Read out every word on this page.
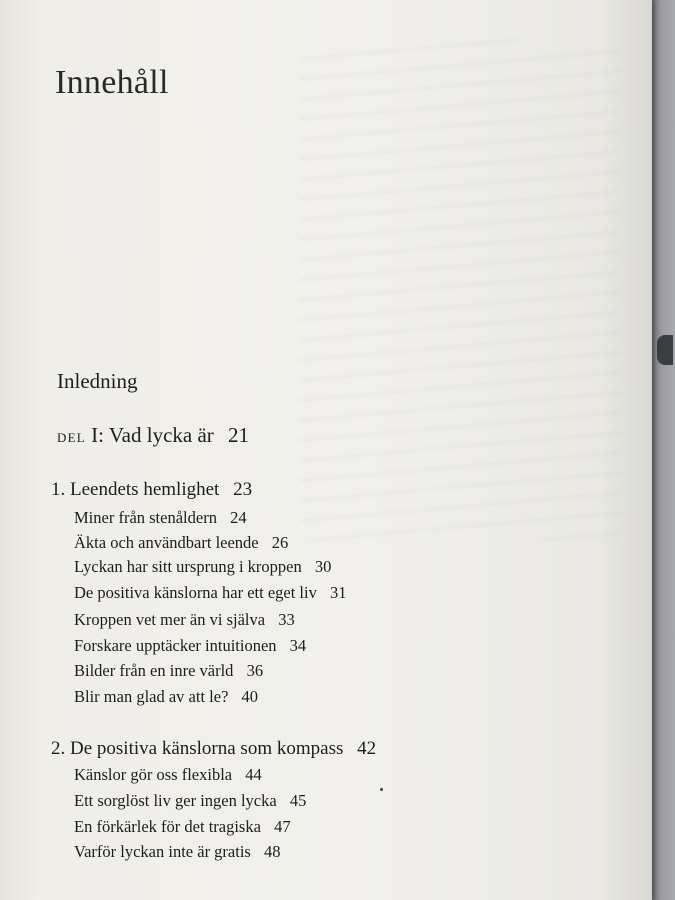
Innehåll
Inledning
DEL I: Vad lycka är 21
1. Leendets hemlighet 23
Miner från stenåldern 24
Äkta och användbart leende 26
Lyckan har sitt ursprung i kroppen 30
De positiva känslorna har ett eget liv 31
Kroppen vet mer än vi själva 33
Forskare upptäcker intuitionen 34
Bilder från en inre värld 36
Blir man glad av att le? 40
2. De positiva känslorna som kompass 42
Känslor gör oss flexibla 44
Ett sorglöst liv ger ingen lycka 45
En förkärlek för det tragiska 47
Varför lyckan inte är gratis 48
